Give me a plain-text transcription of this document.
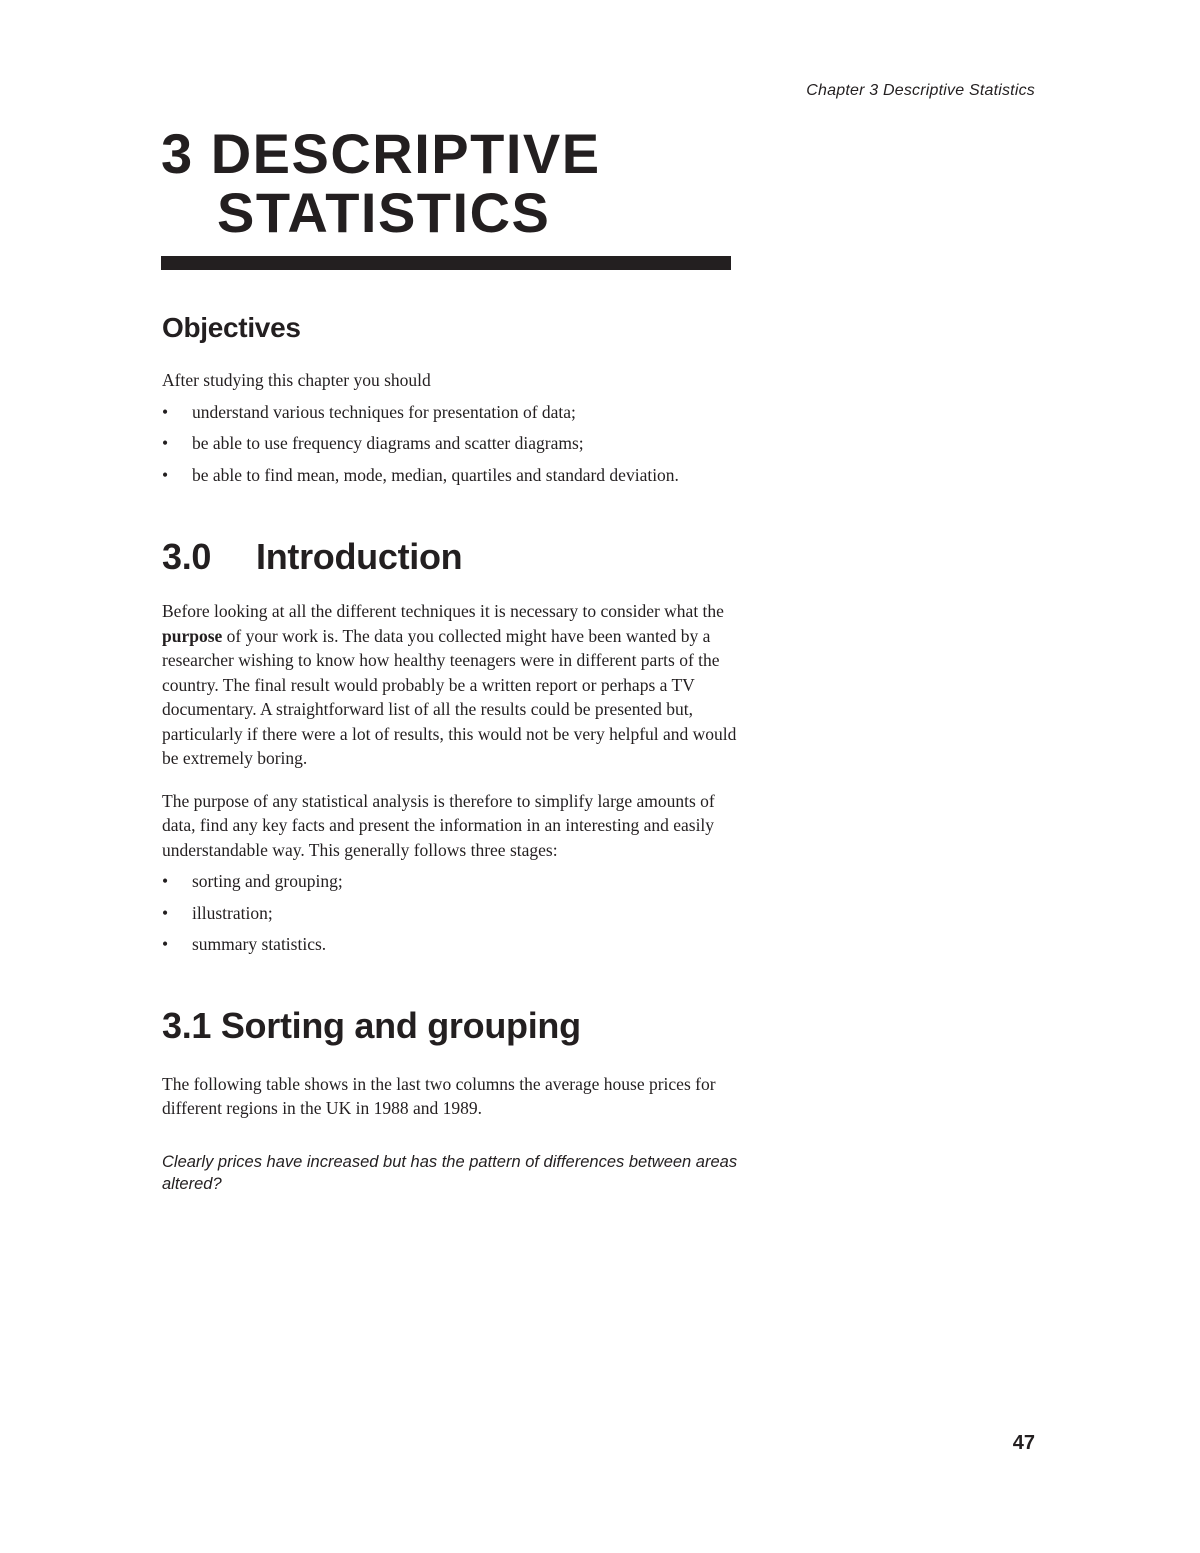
Chapter 3 Descriptive Statistics
3 DESCRIPTIVE
STATISTICS
Objectives

After studying this chapter you should

• understand various techniques for presentation of data;
• be able to use frequency diagrams and scatter diagrams;
• be able to find mean, mode, median, quartiles and standard deviation.
3.0 Introduction

Before looking at all the different techniques it is necessary to consider what the purpose of your work is. The data you collected might have been wanted by a researcher wishing to know how healthy teenagers were in different parts of the country. The final result would probably be a written report or perhaps a TV documentary. A straightforward list of all the results could be presented but, particularly if there were a lot of results, this would not be very helpful and would be extremely boring.

The purpose of any statistical analysis is therefore to simplify large amounts of data, find any key facts and present the information in an interesting and easily understandable way. This generally follows three stages:

• sorting and grouping;
• illustration;
• summary statistics.
3.1 Sorting and grouping

The following table shows in the last two columns the average house prices for different regions in the UK in 1988 and 1989.

Clearly prices have increased but has the pattern of differences between areas altered?

47
